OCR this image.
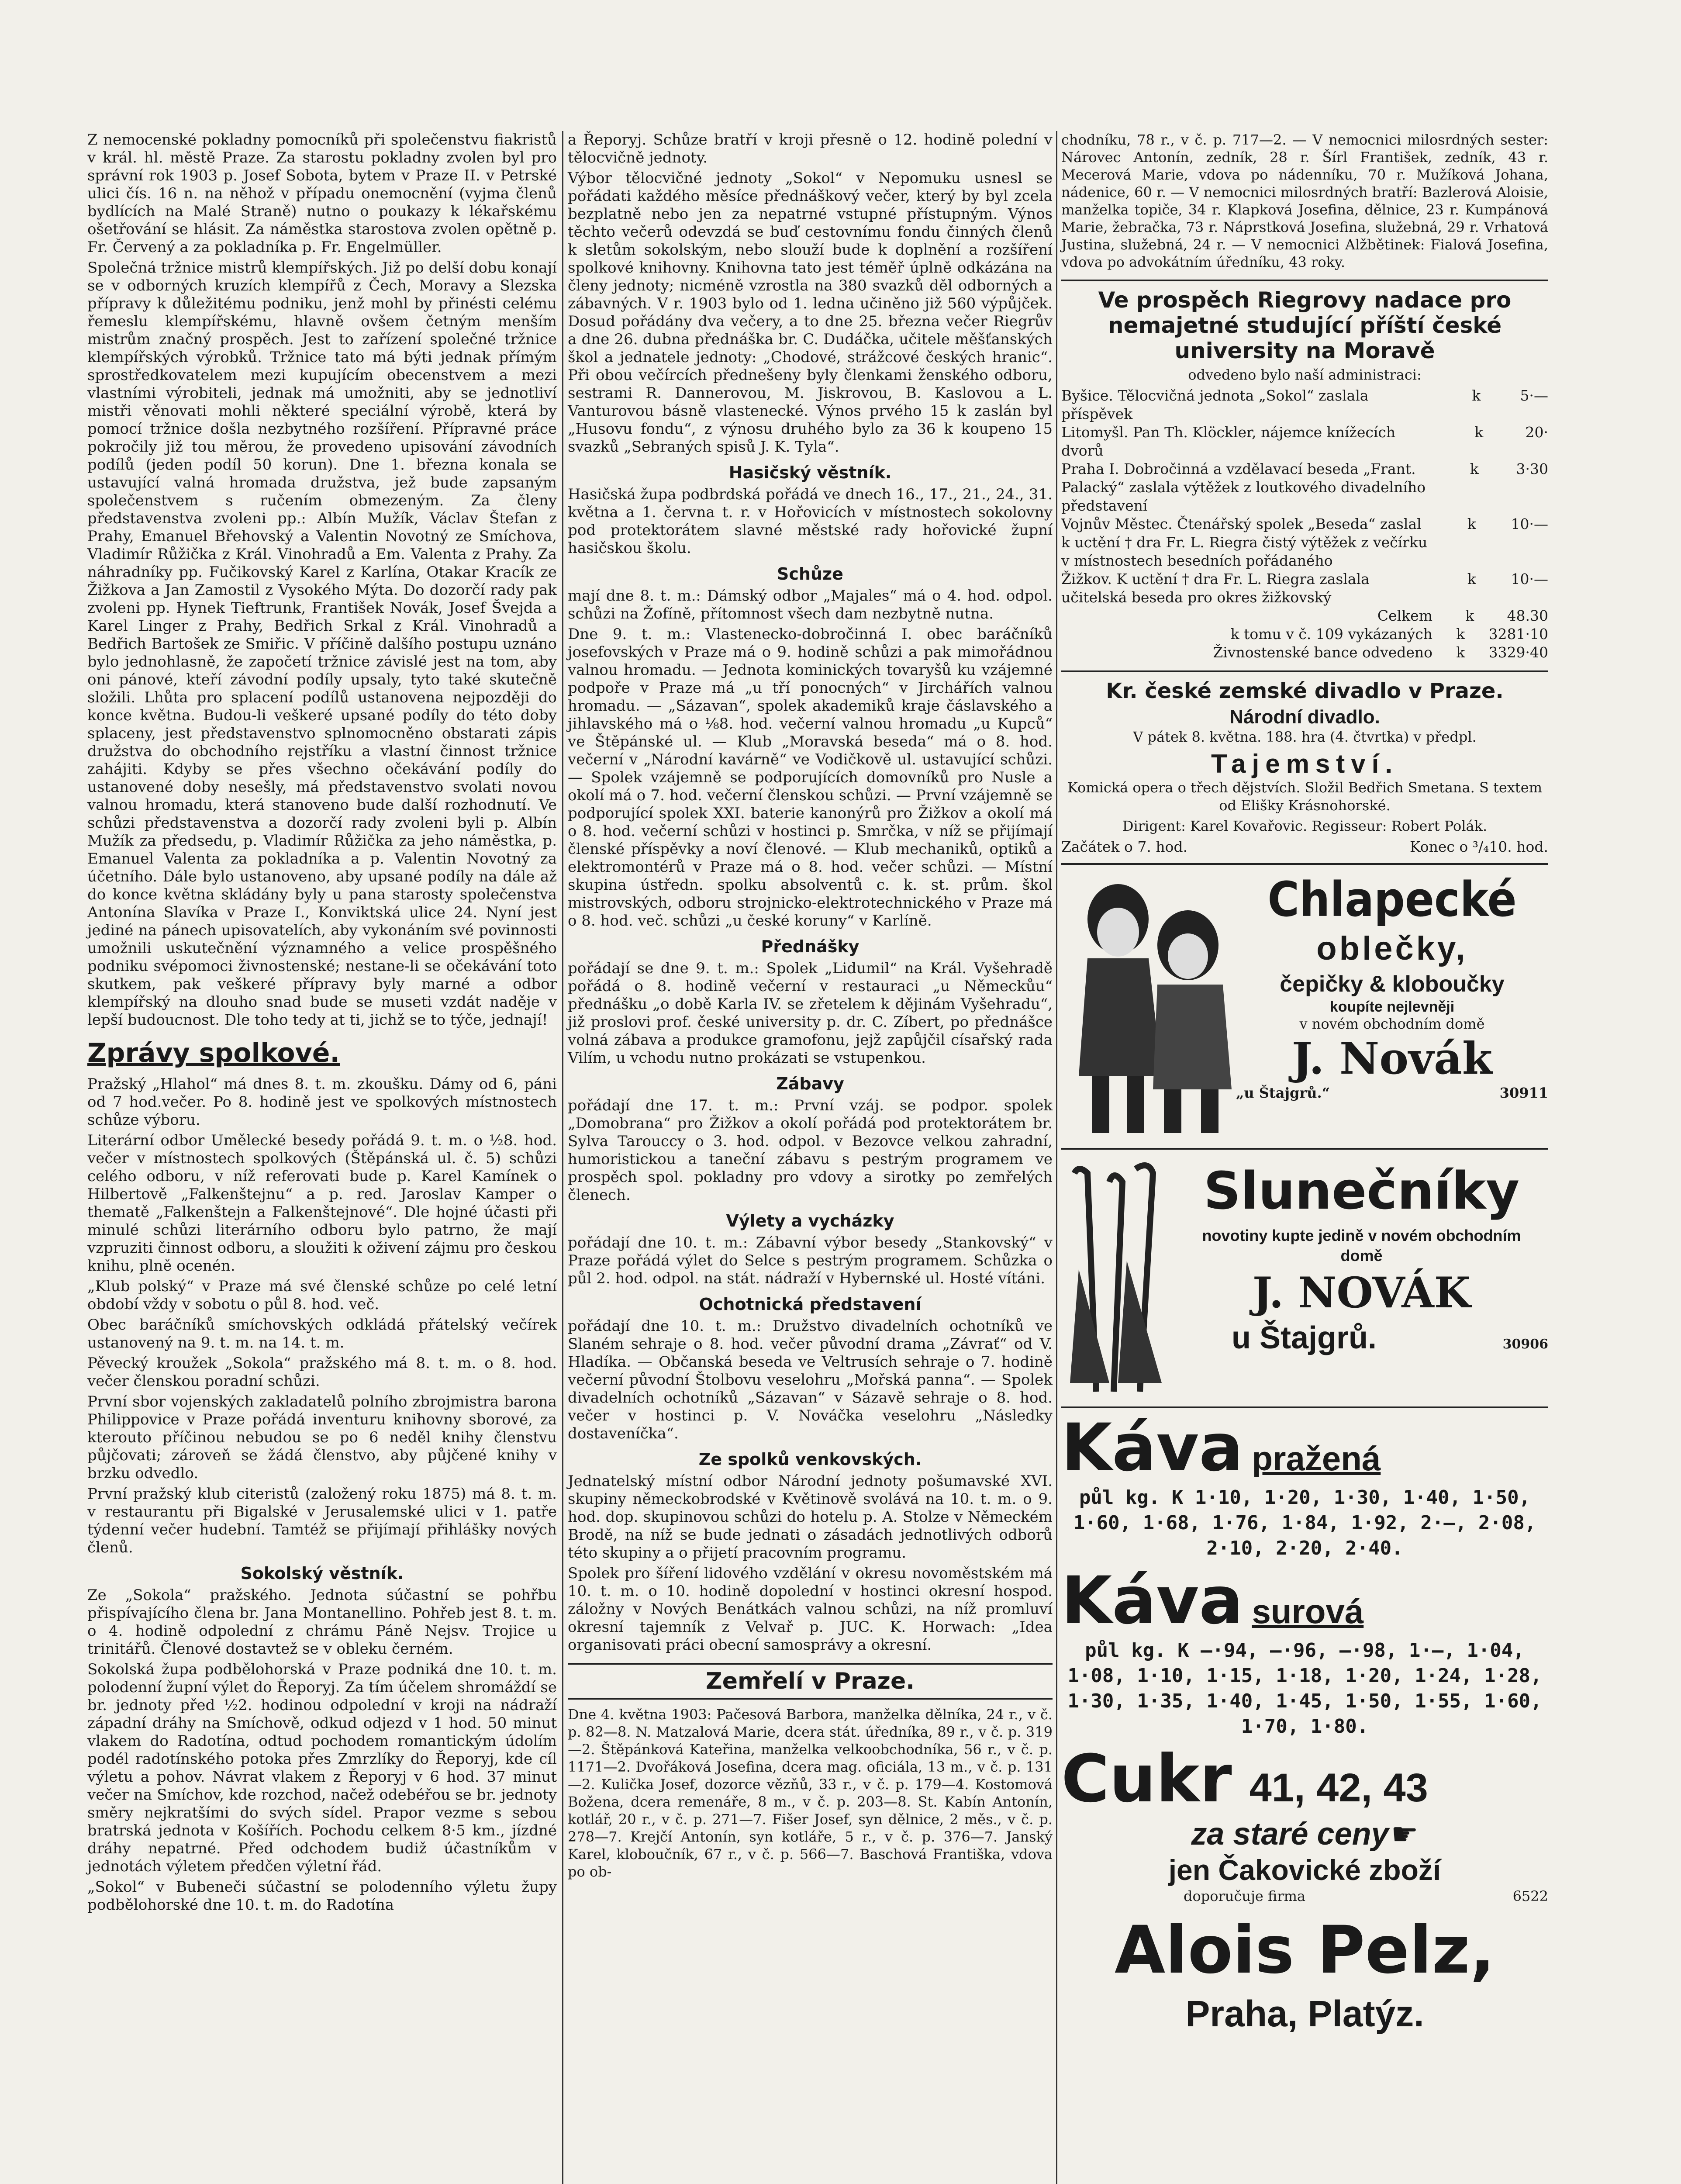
Z nemocenské pokladny pomocníků při společenstvu fiakristů v král. hl. městě Praze. Za starostu pokladny zvolen byl pro správní rok 1903 p. Josef Sobota, bytem v Praze II. v Petrské ulici čís. 16 n. na něhož v případu onemocnění (vyjma členů bydlících na Malé Straně) nutno o poukazy k lékařskému ošetřování se hlásit. Za náměstka starostova zvolen opětně p. Fr. Červený a za pokladníka p. Fr. Engelmüller.

Společná tržnice mistrů klempířských. Již po delší dobu konají se v odborných kruzích klempířů z Čech, Moravy a Slezska přípravy k důležitému podniku, jenž mohl by přinésti celému řemeslu klempířskému, hlavně ovšem četným menším mistrům značný prospěch. Jest to zařízení společné tržnice klempířských výrobků. Tržnice tato má býti jednak přímým sprostředkovatelem mezi kupujícím obecenstvem a mezi vlastními výrobiteli, jednak má umožniti, aby se jednotliví mistři věnovati mohli některé speciální výrobě, která by pomocí tržnice došla nezbytného rozšíření. Přípravné práce pokročily již tou měrou, že provedeno upisování závodních podílů (jeden podíl 50 korun). Dne 1. března konala se ustavující valná hromada družstva, jež bude zapsaným společenstvem s ručením obmezeným. Za členy představenstva zvoleni pp.: Albín Mužík, Václav Štefan z Prahy, Emanuel Břehovský a Valentin Novotný ze Smíchova, Vladimír Růžička z Král. Vinohradů a Em. Valenta z Prahy. Za náhradníky pp. Fučikovský Karel z Karlína, Otakar Kracík ze Žižkova a Jan Zamostil z Vysokého Mýta. Do dozorčí rady pak zvoleni pp. Hynek Tieftrunk, František Novák, Josef Švejda a Karel Linger z Prahy, Bedřich Srkal z Král. Vinohradů a Bedřich Bartošek ze Smiřic. V příčině dalšího postupu uznáno bylo jednohlasně, že započetí tržnice závislé jest na tom, aby oni pánové, kteří závodní podíly upsaly, tyto také skutečně složili. Lhůta pro splacení podílů ustanovena nejpozději do konce května. Budou-li veškeré upsané podíly do této doby splaceny, jest představenstvo splnomocněno obstarati zápis družstva do obchodního rejstříku a vlastní činnost tržnice zahájiti. Kdyby se přes všechno očekávání podíly do ustanovené doby nesešly, má představenstvo svolati novou valnou hromadu, která stanoveno bude další rozhodnutí. Ve schůzi představenstva a dozorčí rady zvoleni byli p. Albín Mužík za předsedu, p. Vladimír Růžička za jeho náměstka, p. Emanuel Valenta za pokladníka a p. Valentin Novotný za účetního. Dále bylo ustanoveno, aby upsané podíly na dále až do konce května skládány byly u pana starosty společenstva Antonína Slavíka v Praze I., Konviktská ulice 24. Nyní jest jediné na pánech upisovatelích, aby vykonáním své povinnosti umožnili uskutečnění významného a velice prospěšného podniku svépomoci živnostenské; nestane-li se očekávání toto skutkem, pak veškeré přípravy byly marné a odbor klempířský na dlouho snad bude se museti vzdát naděje v lepší budoucnost. Dle toho tedy at ti, jichž se to týče, jednají!

Zprávy spolkové.

Pražský „Hlahol“ má dnes 8. t. m. zkoušku. Dámy od 6, páni od 7 hod.večer. Po 8. hodině jest ve spolkových místnostech schůze výboru.

Literární odbor Umělecké besedy pořádá 9. t. m. o ½8. hod. večer v místnostech spolkových (Štěpánská ul. č. 5) schůzi celého odboru, v níž referovati bude p. Karel Kamínek o Hilbertově „Falkenštejnu“ a p. red. Jaroslav Kamper o thematě „Falkenštejn a Falkenštejnové“. Dle hojné účasti při minulé schůzi literárního odboru bylo patrno, že mají vzpruziti činnost odboru, a sloužiti k oživení zájmu pro českou knihu, plně ocenén.

„Klub polský“ v Praze má své členské schůze po celé letní období vždy v sobotu o půl 8. hod. več.

Obec baráčníků smíchovských odkládá přátelský večírek ustanovený na 9. t. m. na 14. t. m.

Pěvecký kroužek „Sokola“ pražského má 8. t. m. o 8. hod. večer členskou poradní schůzi.

První sbor vojenských zakladatelů polního zbrojmistra barona Philippovice v Praze pořádá inventuru knihovny sborové, za kterouto příčinou nebudou se po 6 neděl knihy členstvu půjčovati; zároveň se žádá členstvo, aby půjčené knihy v brzku odvedlo.

První pražský klub citeristů (založený roku 1875) má 8. t. m. v restaurantu při Bigalské v Jerusalemské ulici v 1. patře týdenní večer hudební. Tamtéž se přijímají přihlášky nových členů.

Sokolský věstník.

Ze „Sokola“ pražského. Jednota súčastní se pohřbu přispívajícího člena br. Jana Montanellino. Pohřeb jest 8. t. m. o 4. hodině odpolední z chrámu Páně Nejsv. Trojice u trinitářů. Členové dostavtež se v obleku černém.

Sokolská župa podbělohorská v Praze podniká dne 10. t. m. polodenní župní výlet do Řeporyj. Za tím účelem shromáždí se br. jednoty před ½2. hodinou odpolední v kroji na nádraží západní dráhy na Smíchově, odkud odjezd v 1 hod. 50 minut vlakem do Radotína, odtud pochodem romantickým údolím podél radotínského potoka přes Zmrzlíky do Řeporyj, kde cíl výletu a pohov. Návrat vlakem z Řeporyj v 6 hod. 37 minut večer na Smíchov, kde rozchod, načež odebéřou se br. jednoty směry nejkratšími do svých sídel. Prapor vezme s sebou bratrská jednota v Košířích. Pochodu celkem 8·5 km., jízdné dráhy nepatrné. Před odchodem budiž účastníkům v jednotách výletem předčen výletní řád.

„Sokol“ v Bubeneči súčastní se polodenního výletu župy podbělohorské dne 10. t. m. do Radotína

a Řeporyj. Schůze bratří v kroji přesně o 12. hodině polední v tělocvičně jednoty.

Výbor tělocvičné jednoty „Sokol“ v Nepomuku usnesl se pořádati každého měsíce přednáškový večer, který by byl zcela bezplatně nebo jen za nepatrné vstupné přístupným. Výnos těchto večerů odevzdá se buď cestovnímu fondu činných členů k sletům sokolským, nebo slouží bude k doplnění a rozšíření spolkové knihovny. Knihovna tato jest téměř úplně odkázána na členy jednoty; nicméně vzrostla na 380 svazků děl odborných a zábavných. V r. 1903 bylo od 1. ledna učiněno již 560 výpůjček. Dosud pořádány dva večery, a to dne 25. března večer Riegrův a dne 26. dubna přednáška br. C. Dudáčka, učitele měšťanských škol a jednatele jednoty: „Chodové, strážcové českých hranic“. Při obou večírcích přednešeny byly členkami ženského odboru, sestrami R. Dannerovou, M. Jiskrovou, B. Kaslovou a L. Vanturovou básně vlastenecké. Výnos prvého 15 k zaslán byl „Husovu fondu“, z výnosu druhého bylo za 36 k koupeno 15 svazků „Sebraných spisů J. K. Tyla“.

Hasičský věstník.

Hasičská župa podbrdská pořádá ve dnech 16., 17., 21., 24., 31. května a 1. června t. r. v Hořovicích v místnostech sokolovny pod protektorátem slavné městské rady hořovické župní hasičskou školu.

Schůze

mají dne 8. t. m.: Dámský odbor „Majales“ má o 4. hod. odpol. schůzi na Žofíně, přítomnost všech dam nezbytně nutna.

Dne 9. t. m.: Vlastenecko-dobročinná I. obec baráčníků josefovských v Praze má o 9. hodině schůzi a pak mimořádnou valnou hromadu. — Jednota kominických tovaryšů ku vzájemné podpoře v Praze má „u tří ponocných“ v Jirchářích valnou hromadu. — „Sázavan“, spolek akademiků kraje čáslavského a jihlavského má o ⅛8. hod. večerní valnou hromadu „u Kupců“ ve Štěpánské ul. — Klub „Moravská beseda“ má o 8. hod. večerní v „Národní kavárně“ ve Vodičkově ul. ustavující schůzi. — Spolek vzájemně se podporujících domovníků pro Nusle a okolí má o 7. hod. večerní členskou schůzi. — První vzájemně se podporující spolek XXI. baterie kanonýrů pro Žižkov a okolí má o 8. hod. večerní schůzi v hostinci p. Smrčka, v níž se přijímají členské příspěvky a noví členové. — Klub mechaniků, optiků a elektromontérů v Praze má o 8. hod. večer schůzi. — Místní skupina ústředn. spolku absolventů c. k. st. prům. škol mistrovských, odboru strojnicko-elektrotechnického v Praze má o 8. hod. več. schůzi „u české koruny“ v Karlíně.

Přednášky

pořádají se dne 9. t. m.: Spolek „Lidumil“ na Král. Vyšehradě pořádá o 8. hodině večerní v restauraci „u Německůu“ přednášku „o době Karla IV. se zřetelem k dějinám Vyšehradu“, již proslovi prof. české university p. dr. C. Zíbert, po přednášce volná zábava a produkce gramofonu, jejž zapůjčil císařský rada Vilím, u vchodu nutno prokázati se vstupenkou.

Zábavy

pořádají dne 17. t. m.: První vzáj. se podpor. spolek „Domobrana“ pro Žižkov a okolí pořádá pod protektorátem br. Sylva Tarouccy o 3. hod. odpol. v Bezovce velkou zahradní, humoristickou a taneční zábavu s pestrým programem ve prospěch spol. pokladny pro vdovy a sirotky po zemřelých členech.

Výlety a vycházky

pořádají dne 10. t. m.: Zábavní výbor besedy „Stankovský“ v Praze pořádá výlet do Selce s pestrým programem. Schůzka o půl 2. hod. odpol. na stát. nádraží v Hybernské ul. Hosté vítáni.

Ochotnická představení

pořádají dne 10. t. m.: Družstvo divadelních ochotníků ve Slaném sehraje o 8. hod. večer původní drama „Závrať“ od V. Hladíka. — Občanská beseda ve Veltrusích sehraje o 7. hodině večerní původní Štolbovu veselohru „Mořská panna“. — Spolek divadelních ochotníků „Sázavan“ v Sázavě sehraje o 8. hod. večer v hostinci p. V. Nováčka veselohru „Následky dostaveníčka“.

Ze spolků venkovských.

Jednatelský místní odbor Národní jednoty pošumavské XVI. skupiny německobrodské v Květinově svolává na 10. t. m. o 9. hod. dop. skupinovou schůzi do hotelu p. A. Stolze v Německém Brodě, na níž se bude jednati o zásadách jednotlivých odborů této skupiny a o přijetí pracovním programu.

Spolek pro šíření lidového vzdělání v okresu novoměstském má 10. t. m. o 10. hodině dopolední v hostinci okresní hospod. záložny v Nových Benátkách valnou schůzi, na níž promluví okresní tajemník z Velvař p. JUC. K. Horwach: „Idea organisovati práci obecní samosprávy a okresní.

Zemřelí v Praze.

Dne 4. května 1903: Pačesová Barbora, manželka dělníka, 24 r., v č. p. 82—8. N. Matzalová Marie, dcera stát. úředníka, 89 r., v č. p. 319—2. Štěpánková Kateřina, manželka velkoobchodníka, 56 r., v č. p. 1171—2. Dvořáková Josefina, dcera mag. oficiála, 13 m., v č. p. 131—2. Kulička Josef, dozorce vězňů, 33 r., v č. p. 179—4. Kostomová Božena, dcera remenáře, 8 m., v č. p. 203—8. St. Kabín Antonín, kotlář, 20 r., v č. p. 271—7. Fišer Josef, syn dělnice, 2 měs., v č. p. 278—7. Krejčí Antonín, syn kotláře, 5 r., v č. p. 376—7. Janský Karel, kloboučník, 67 r., v č. p. 566—7. Baschová Františka, vdova po ob-

chodníku, 78 r., v č. p. 717—2. — V nemocnici milosrdných sester: Nárovec Antonín, zedník, 28 r. Šírl František, zedník, 43 r. Mecerová Marie, vdova po nádenníku, 70 r. Mužíková Johana, nádenice, 60 r. — V nemocnici milosrdných bratří: Bazlerová Aloisie, manželka topiče, 34 r. Klapková Josefina, dělnice, 23 r. Kumpánová Marie, žebračka, 73 r. Náprstková Josefina, služebná, 29 r. Vrhatová Justina, služebná, 24 r. — V nemocnici Alžbětinek: Fialová Josefina, vdova po advokátním úředníku, 43 roky.

Ve prospěch Riegrovy nadace pro nemajetné studující příští české university na Moravě

odvedeno bylo naší administraci:

Byšice. Tělocvičná jednota „Sokol“ zaslala příspěvek
k	5·—
Litomyšl. Pan Th. Klöckler, nájemce knížecích dvorů
k	20·
Praha I. Dobročinná a vzdělavací beseda „Frant. Palacký“ zaslala výtěžek z loutkového divadelního představení
k	3·30
Vojnův Městec. Čtenářský spolek „Beseda“ zaslal k uctění † dra Fr. L. Riegra čistý výtěžek z večírku v místnostech besedních pořádaného
k 10·—
Žižkov. K uctění † dra Fr. L. Riegra zaslala učitelská beseda pro okres žižkovský
k 10·—
Celkem k 48.30
k tomu v č. 109 vykázaných k 3281·10
Živnostenské bance odvedeno k 3329·40
Kr. české zemské divadlo v Praze.
Národní divadlo.

V pátek 8. května. 188. hra (4. čtvrtka) v předpl.

Tajemství.

Komická opera o třech dějstvích. Složil Bedřich Smetana. S textem od Elišky Krásnohorské.

Dirigent: Karel Kovařovic. Regisseur: Robert Polák.

Začátek o 7. hod.	Konec o ³/₄10. hod.
Chlapecké
oblečky,
čepičky & kloboučky
koupíte nejlevněji
v novém obchodním domě
J. Novák
„u Štajgrů.“	30911
Slunečníky
novotiny kupte jedině v novém obchodním domě
J. NOVÁK
u Štajgrů.	30906
Káva pražená
půl kg. K 1·10, 1·20, 1·30, 1·40, 1·50, 1·60, 1·68, 1·76, 1·84, 1·92, 2·—, 2·08, 2·10, 2·20, 2·40.
Káva surová
půl kg. K —·94, —·96, —·98, 1·—, 1·04, 1·08, 1·10, 1·15, 1·18, 1·20, 1·24, 1·28, 1·30, 1·35, 1·40, 1·45, 1·50, 1·55, 1·60, 1·70, 1·80.
Cukr 41, 42, 43
za staré ceny ☛
jen Čakovické zboží
doporučuje firma	6522
Alois Pelz,
Praha, Platýz.
